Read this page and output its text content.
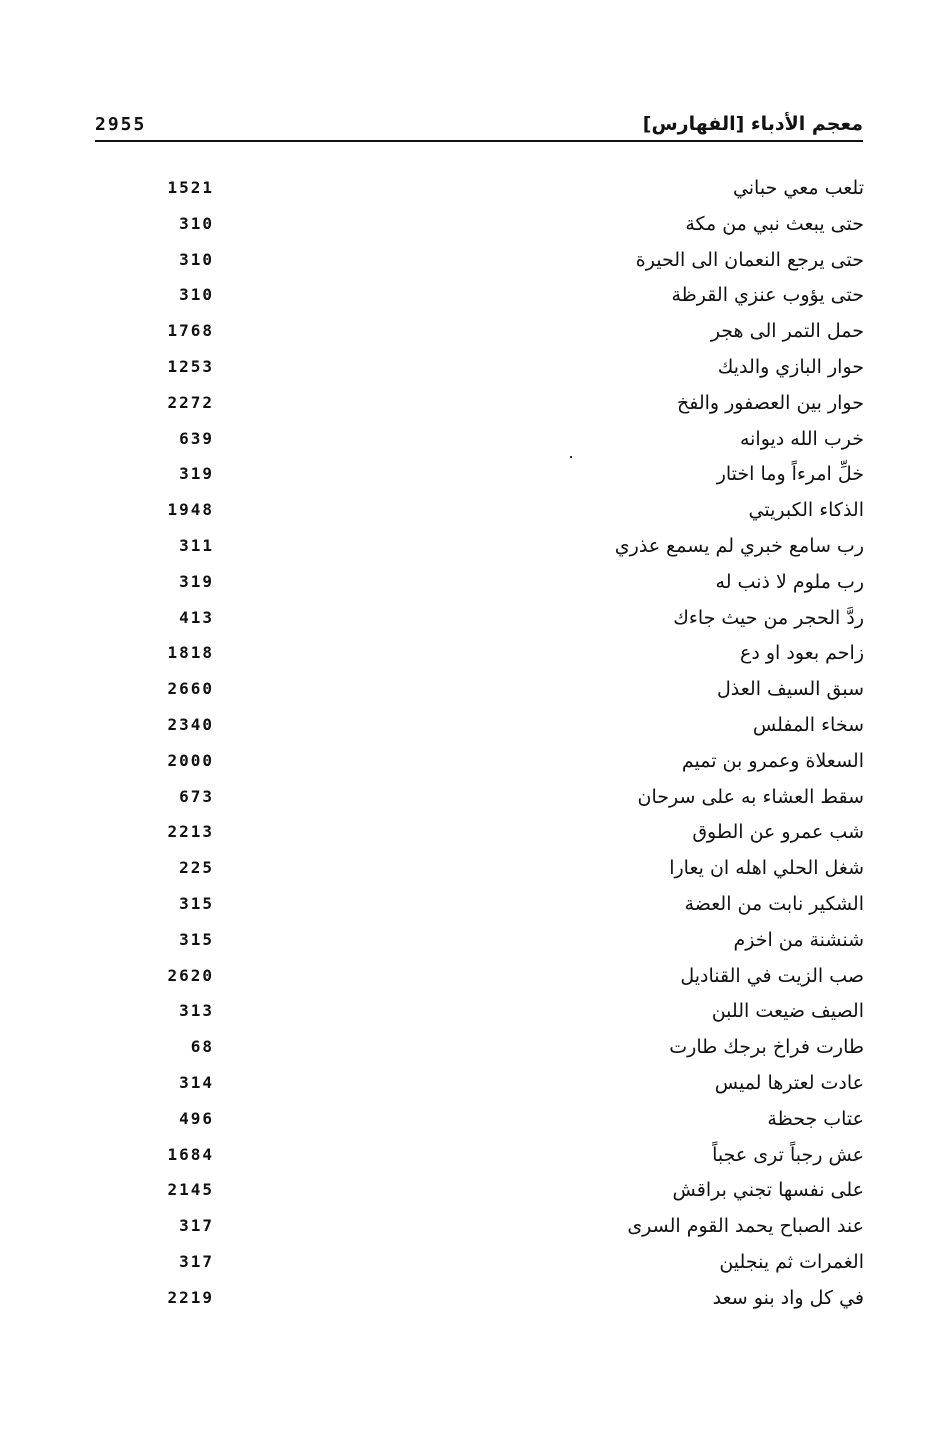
معجم الأدباء [الفهارس]
2955
تلعب معي حباني
1521
حتى يبعث نبي من مكة
310
حتى يرجع النعمان الى الحيرة
310
حتى يؤوب عنزي القرظة
310
حمل التمر الى هجر
1768
حوار البازي والديك
1253
حوار بين العصفور والفخ
2272
خرب الله ديوانه
639
خلِّ امرءاً وما اختار
319
الذكاء الكبريتي
1948
رب سامع خبري لم يسمع عذري
311
رب ملوم لا ذنب له
319
ردَّ الحجر من حيث جاءك
413
زاحم بعود او دع
1818
سبق السيف العذل
2660
سخاء المفلس
2340
السعلاة وعمرو بن تميم
2000
سقط العشاء به على سرحان
673
شب عمرو عن الطوق
2213
شغل الحلي اهله ان يعارا
225
الشكير نابت من العضة
315
شنشنة من اخزم
315
صب الزيت في القناديل
2620
الصيف ضيعت اللبن
313
طارت فراخ برجك طارت
68
عادت لعترها لميس
314
عتاب جحظة
496
عش رجباً ترى عجباً
1684
على نفسها تجني براقش
2145
عند الصباح يحمد القوم السرى
317
الغمرات ثم ينجلين
317
في كل واد بنو سعد
2219
